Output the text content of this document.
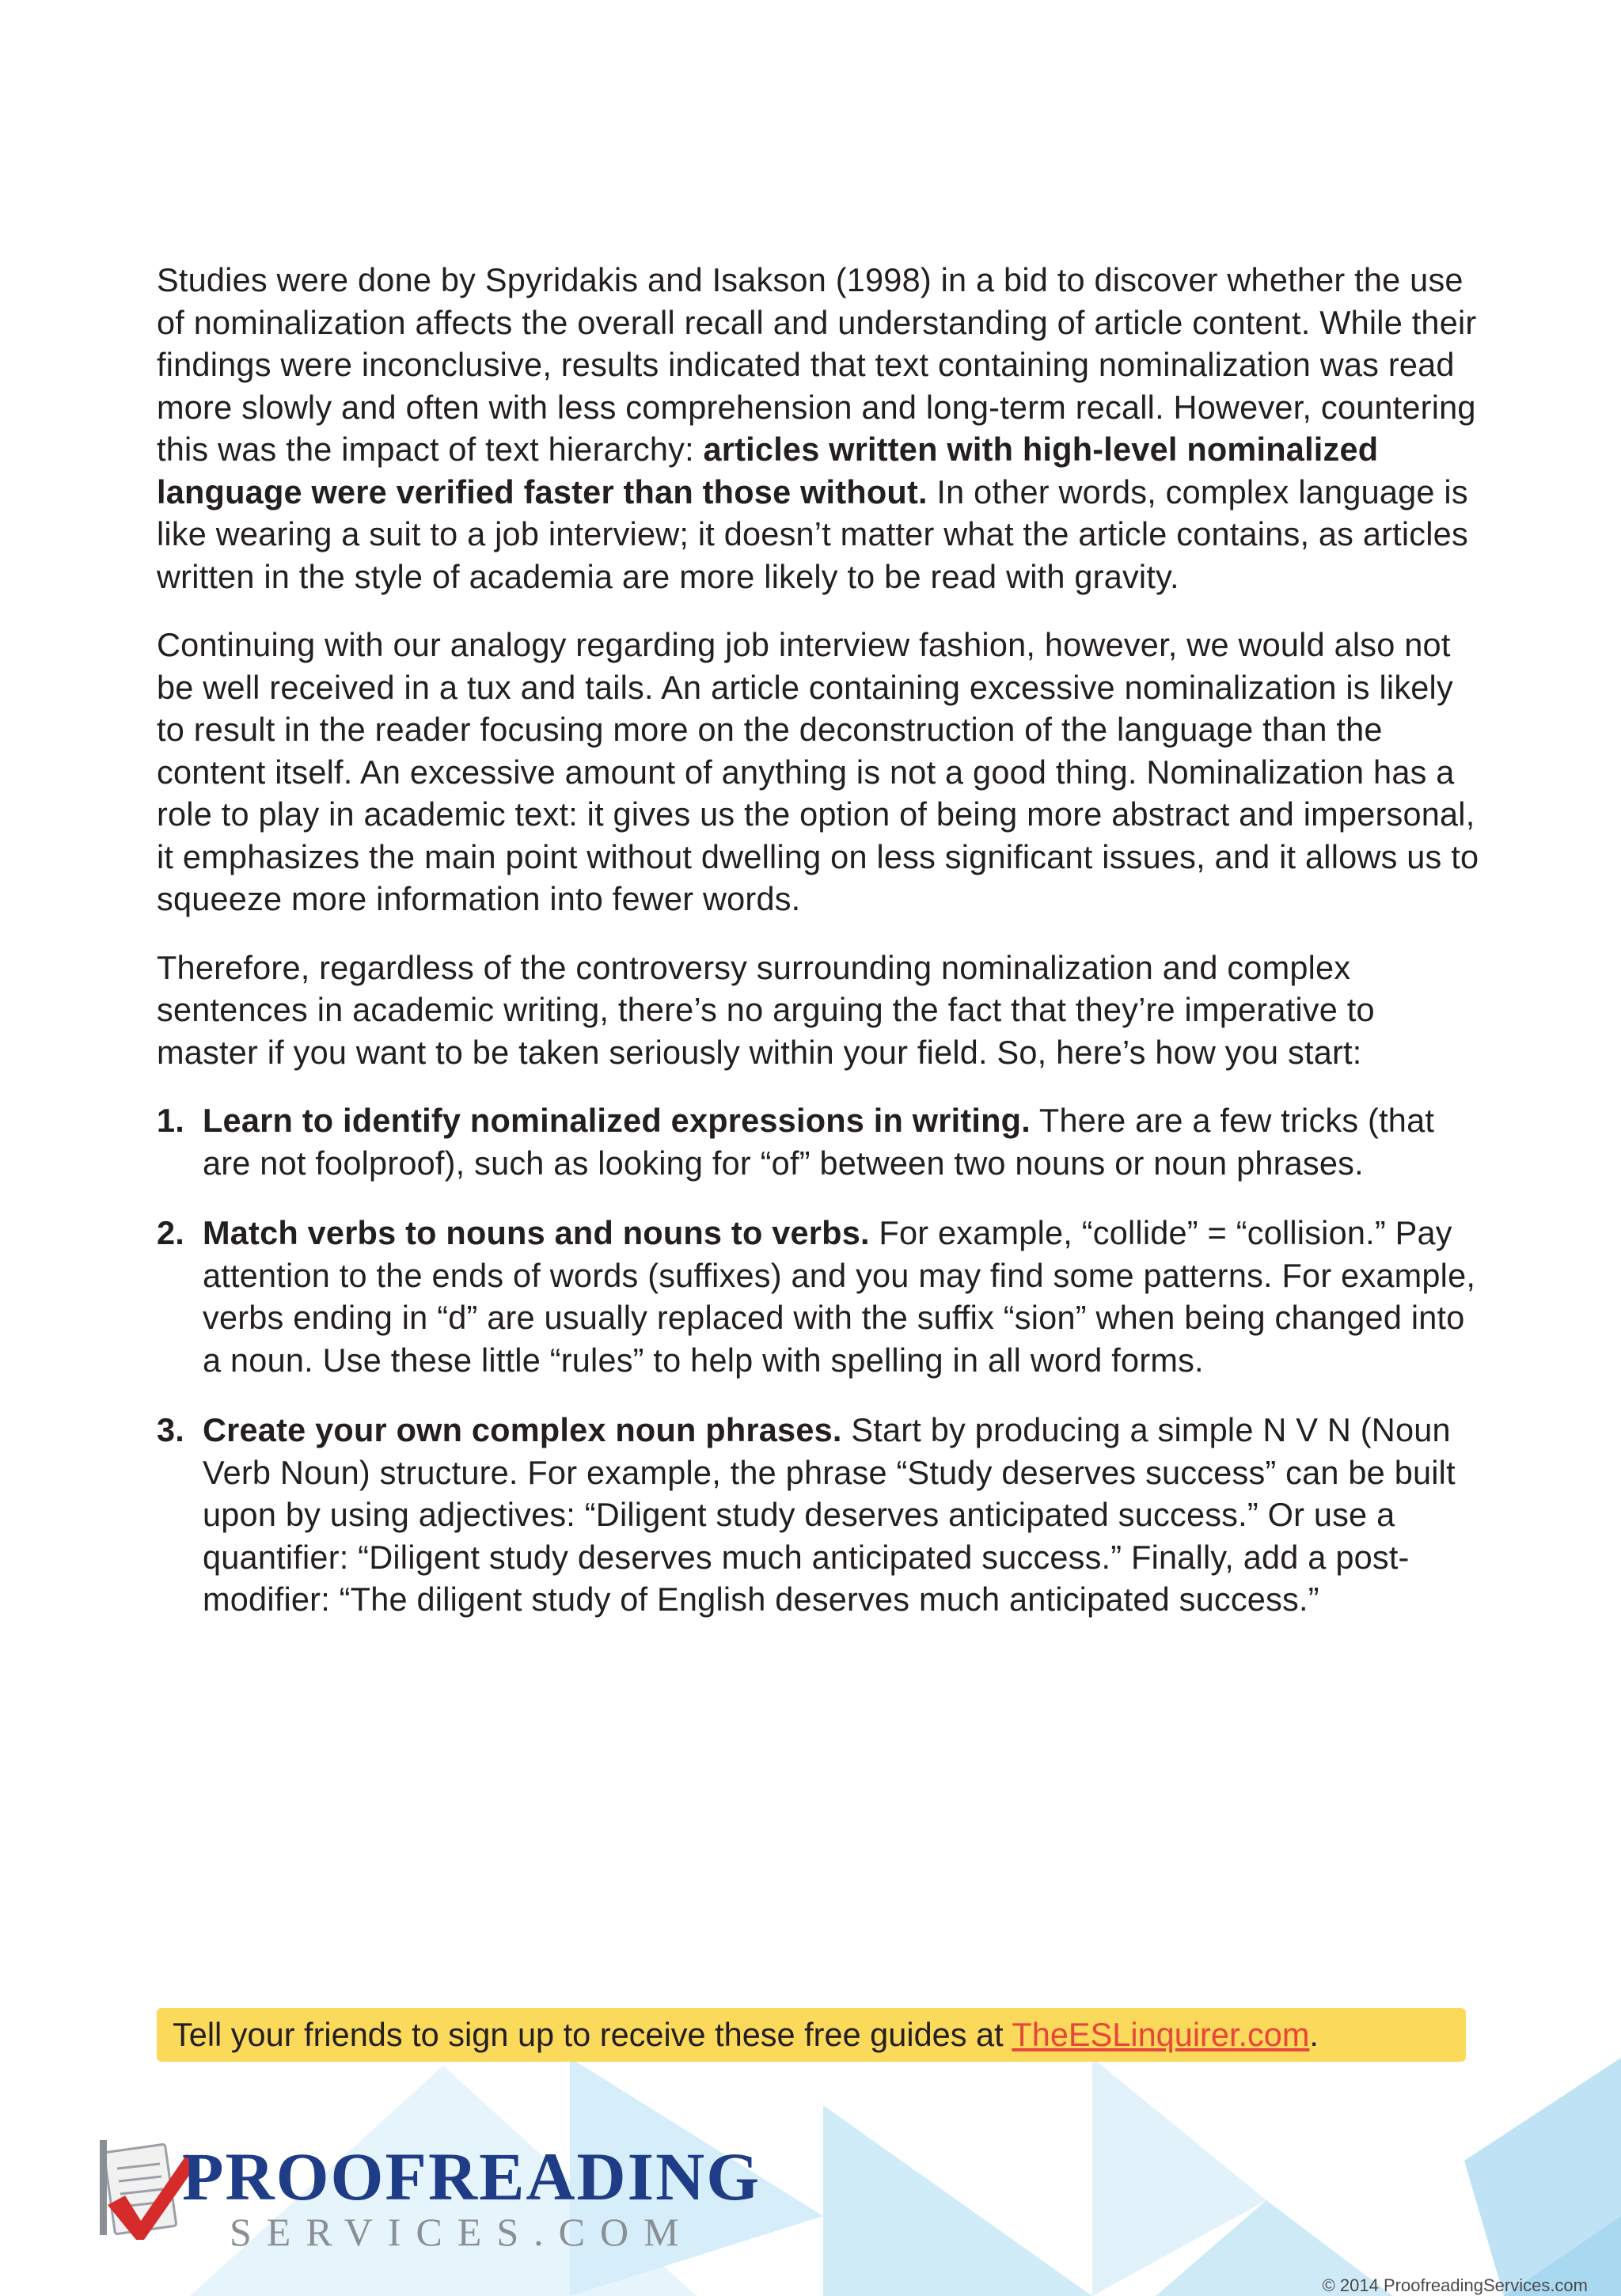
Studies were done by Spyridakis and Isakson (1998) in a bid to discover whether the use of nominalization affects the overall recall and understanding of article content. While their findings were inconclusive, results indicated that text containing nominalization was read more slowly and often with less comprehension and long-term recall. However, countering this was the impact of text hierarchy: articles written with high-level nominalized language were verified faster than those without. In other words, complex language is like wearing a suit to a job interview; it doesn’t matter what the article contains, as articles written in the style of academia are more likely to be read with gravity.

Continuing with our analogy regarding job interview fashion, however, we would also not be well received in a tux and tails. An article containing excessive nominalization is likely to result in the reader focusing more on the deconstruction of the language than the content itself. An excessive amount of anything is not a good thing. Nominalization has a role to play in academic text: it gives us the option of being more abstract and impersonal, it emphasizes the main point without dwelling on less significant issues, and it allows us to squeeze more information into fewer words.

Therefore, regardless of the controversy surrounding nominalization and complex sentences in academic writing, there’s no arguing the fact that they’re imperative to master if you want to be taken seriously within your field. So, here’s how you start:

1. Learn to identify nominalized expressions in writing. There are a few tricks (that are not foolproof), such as looking for “of” between two nouns or noun phrases.
2. Match verbs to nouns and nouns to verbs. For example, “collide” = “collision.” Pay attention to the ends of words (suffixes) and you may find some patterns. For example, verbs ending in “d” are usually replaced with the suffix “sion” when being changed into a noun. Use these little “rules” to help with spelling in all word forms.
3. Create your own complex noun phrases. Start by producing a simple N V N (Noun Verb Noun) structure. For example, the phrase “Study deserves success” can be built upon by using adjectives: “Diligent study deserves anticipated success.” Or use a quantifier: “Diligent study deserves much anticipated success.” Finally, add a post-modifier: “The diligent study of English deserves much anticipated success.”
Tell your friends to sign up to receive these free guides at TheESLinquirer.com.
PROOFREADING
SERVICES.COM
© 2014 ProofreadingServices.com
